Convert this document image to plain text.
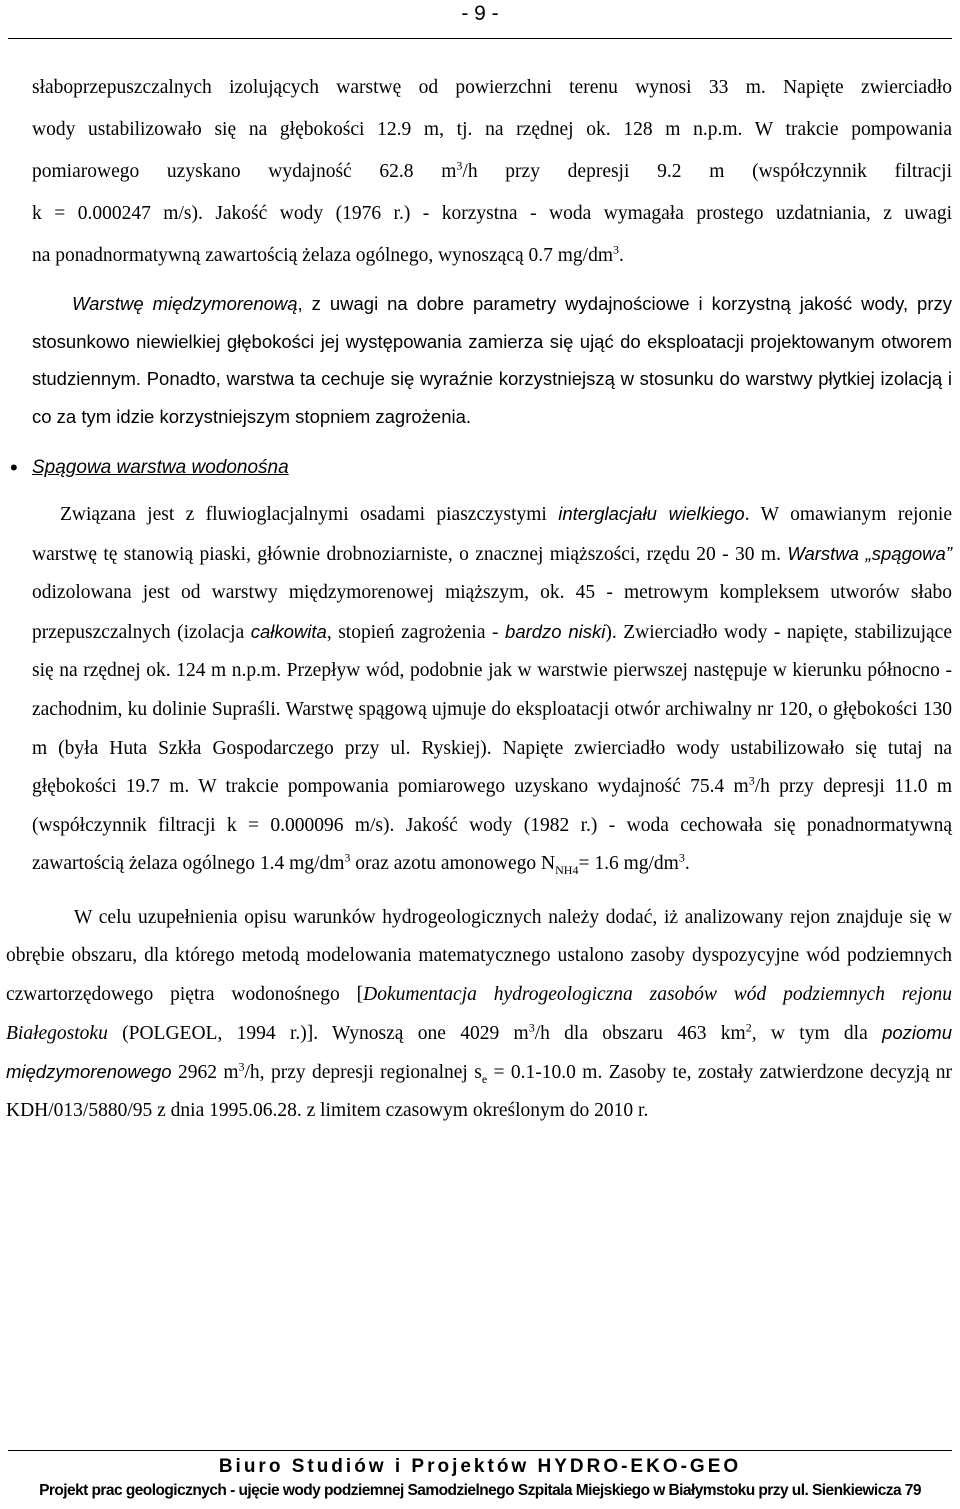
- 9 -
słaboprzepuszczalnych izolujących warstwę od powierzchni terenu wynosi 33 m. Napięte zwierciadło
wody ustabilizowało się na głębokości 12.9 m, tj. na rzędnej ok. 128 m n.p.m. W trakcie pompowania
pomiarowego uzyskano wydajność 62.8 $m^3/h$ przy depresji 9.2 m (współczynnik filtracji
k = 0.000247 m/s). Jakość wody (1976 r.) - korzystna - woda wymagała prostego uzdatniania, z uwagi
na ponadnormatywną zawartością żelaza ogólnego, wynoszącą 0.7 $mg/dm^3$.
Warstwę międzymorenową, z uwagi na dobre parametry wydajnościowe i korzystną jakość wody, przy stosunkowo niewielkiej głębokości jej występowania zamierza się ująć do eksploatacji projektowanym otworem studziennym. Ponadto, warstwa ta cechuje się wyraźnie korzystniejszą w stosunku do warstwy płytkiej izolacją i co za tym idzie korzystniejszym stopniem zagrożenia.
• Spągowa warstwa wodonośna
Związana jest z fluwioglacjalnymi osadami piaszczystymi interglacjału wielkiego. W omawianym rejonie warstwę tę stanowią piaski, głównie drobnoziarniste, o znacznej miąższości, rzędu 20 - 30 m. Warstwa „spągowa” odizolowana jest od warstwy międzymorenowej miąższym, ok. 45 - metrowym kompleksem utworów słabo przepuszczalnych (izolacja całkowita, stopień zagrożenia - bardzo niski). Zwierciadło wody - napięte, stabilizujące się na rzędnej ok. 124 m n.p.m. Przepływ wód, podobnie jak w warstwie pierwszej następuje w kierunku północno - zachodnim, ku dolinie Supraśli. Warstwę spągową ujmuje do eksploatacji otwór archiwalny nr 120, o głębokości 130 m (była Huta Szkła Gospodarczego przy ul. Ryskiej). Napięte zwierciadło wody ustabilizowało się tutaj na głębokości 19.7 m. W trakcie pompowania pomiarowego uzyskano wydajność 75.4 $m^3/h$ przy depresji 11.0 m (współczynnik filtracji k = 0.000096 m/s). Jakość wody (1982 r.) - woda cechowała się ponadnormatywną zawartością żelaza ogólnego 1.4 $mg/dm^3$ oraz azotu amonowego $N_{NH4}= 1.6$ $mg/dm^3$.
W celu uzupełnienia opisu warunków hydrogeologicznych należy dodać, iż analizowany rejon znajduje się w obrębie obszaru, dla którego metodą modelowania matematycznego ustalono zasoby dyspozycyjne wód podziemnych czwartorzędowego piętra wodonośnego [Dokumentacja hydrogeologiczna zasobów wód podziemnych rejonu Białegostoku (POLGEOL, 1994 r.)]. Wynoszą one 4029 $m^3/h$ dla obszaru 463 $km^2$, w tym dla poziomu międzymorenowego 2962 $m^3/h$, przy depresji regionalnej $s_e = 0.1-10.0$ m. Zasoby te, zostały zatwierdzone decyzją nr KDH/013/5880/95 z dnia 1995.06.28. z limitem czasowym określonym do 2010 r.
Biuro Studiów i Projektów HYDRO-EKO-GEO
Projekt prac geologicznych - ujęcie wody podziemnej Samodzielnego Szpitala Miejskiego w Białymstoku przy ul. Sienkiewicza 79
